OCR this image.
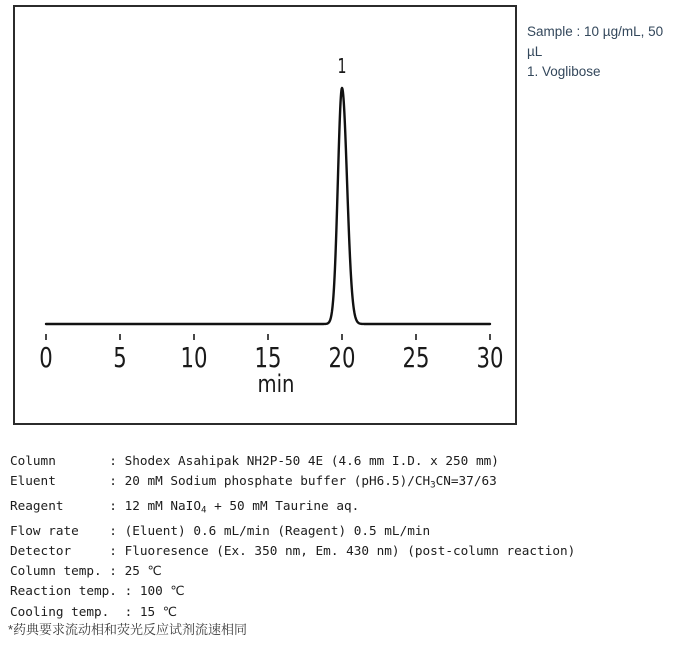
0 5 10 15 20 25 30
min
1
Sample : 10 µg/mL, 50 µL
1. Voglibose
Column       : Shodex Asahipak NH2P-50 4E (4.6 mm I.D. x 250 mm)
Eluent       : 20 mM Sodium phosphate buffer $(pH6.5)/CH_3CN=37/63$
Reagent      : 12 mM NaIO$_4$ + 50 mM Taurine aq.
Flow rate    : (Eluent) 0.6 mL/min (Reagent) 0.5 mL/min
Detector     : Fluoresence (Ex. 350 nm, Em. 430 nm) (post-column reaction)
Column temp. : 25 ℃
Reaction temp. : 100 ℃
Cooling temp.  : 15 ℃
*药典要求流动相和荧光反应试剂流速相同
